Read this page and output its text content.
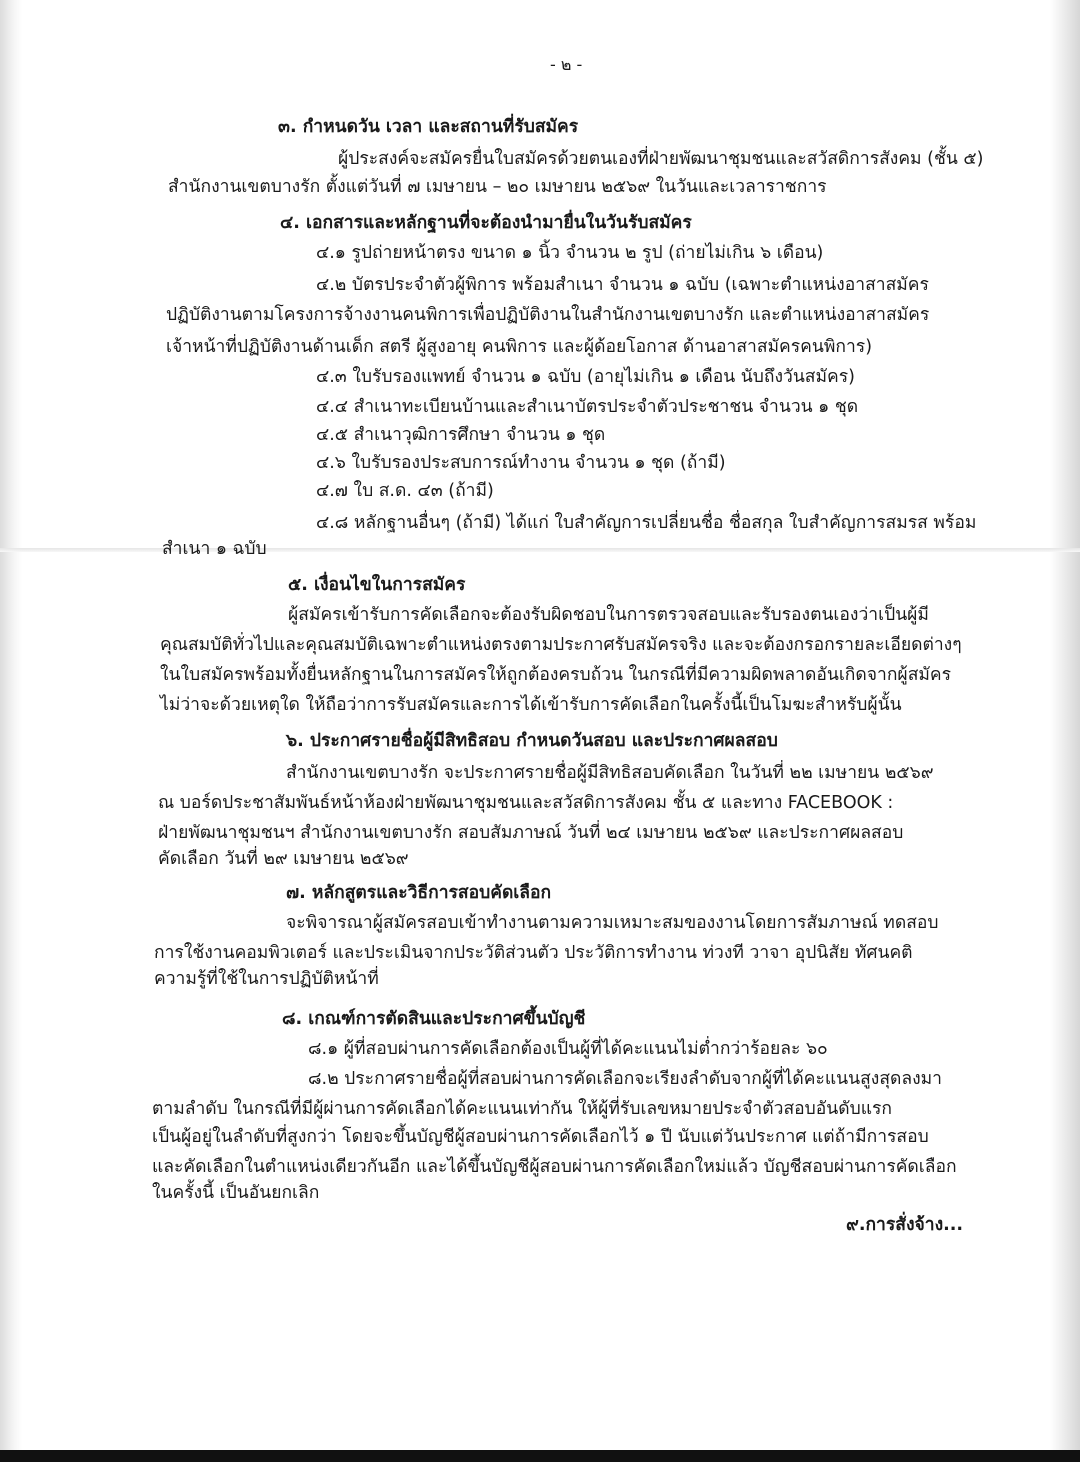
- ๒ -
๓. กำหนดวัน เวลา และสถานที่รับสมัคร
ผู้ประสงค์จะสมัครยื่นใบสมัครด้วยตนเองที่ฝ่ายพัฒนาชุมชนและสวัสดิการสังคม (ชั้น ๕)
สำนักงานเขตบางรัก ตั้งแต่วันที่ ๗ เมษายน – ๒๐ เมษายน ๒๕๖๙ ในวันและเวลาราชการ
๔. เอกสารและหลักฐานที่จะต้องนำมายื่นในวันรับสมัคร
๔.๑ รูปถ่ายหน้าตรง ขนาด ๑ นิ้ว จำนวน ๒ รูป (ถ่ายไม่เกิน ๖ เดือน)
๔.๒ บัตรประจำตัวผู้พิการ พร้อมสำเนา จำนวน ๑ ฉบับ (เฉพาะตำแหน่งอาสาสมัคร
ปฏิบัติงานตามโครงการจ้างงานคนพิการเพื่อปฏิบัติงานในสำนักงานเขตบางรัก และตำแหน่งอาสาสมัคร
เจ้าหน้าที่ปฏิบัติงานด้านเด็ก สตรี ผู้สูงอายุ คนพิการ และผู้ด้อยโอกาส ด้านอาสาสมัครคนพิการ)
๔.๓ ใบรับรองแพทย์ จำนวน ๑ ฉบับ (อายุไม่เกิน ๑ เดือน นับถึงวันสมัคร)
๔.๔ สำเนาทะเบียนบ้านและสำเนาบัตรประจำตัวประชาชน จำนวน ๑ ชุด
๔.๕ สำเนาวุฒิการศึกษา จำนวน ๑ ชุด
๔.๖ ใบรับรองประสบการณ์ทำงาน จำนวน ๑ ชุด (ถ้ามี)
๔.๗ ใบ ส.ด. ๔๓ (ถ้ามี)
๔.๘ หลักฐานอื่นๆ (ถ้ามี) ได้แก่ ใบสำคัญการเปลี่ยนชื่อ ชื่อสกุล ใบสำคัญการสมรส พร้อม
สำเนา ๑ ฉบับ
๕. เงื่อนไขในการสมัคร
ผู้สมัครเข้ารับการคัดเลือกจะต้องรับผิดชอบในการตรวจสอบและรับรองตนเองว่าเป็นผู้มี
คุณสมบัติทั่วไปและคุณสมบัติเฉพาะตำแหน่งตรงตามประกาศรับสมัครจริง และจะต้องกรอกรายละเอียดต่างๆ
ในใบสมัครพร้อมทั้งยื่นหลักฐานในการสมัครให้ถูกต้องครบถ้วน ในกรณีที่มีความผิดพลาดอันเกิดจากผู้สมัคร
ไม่ว่าจะด้วยเหตุใด ให้ถือว่าการรับสมัครและการได้เข้ารับการคัดเลือกในครั้งนี้เป็นโมฆะสำหรับผู้นั้น
๖. ประกาศรายชื่อผู้มีสิทธิสอบ กำหนดวันสอบ และประกาศผลสอบ
สำนักงานเขตบางรัก จะประกาศรายชื่อผู้มีสิทธิสอบคัดเลือก ในวันที่ ๒๒ เมษายน ๒๕๖๙
ณ บอร์ดประชาสัมพันธ์หน้าห้องฝ่ายพัฒนาชุมชนและสวัสดิการสังคม ชั้น ๕ และทาง FACEBOOK :
ฝ่ายพัฒนาชุมชนฯ สำนักงานเขตบางรัก สอบสัมภาษณ์ วันที่ ๒๔ เมษายน ๒๕๖๙ และประกาศผลสอบ
คัดเลือก วันที่ ๒๙ เมษายน ๒๕๖๙
๗. หลักสูตรและวิธีการสอบคัดเลือก
จะพิจารณาผู้สมัครสอบเข้าทำงานตามความเหมาะสมของงานโดยการสัมภาษณ์ ทดสอบ
การใช้งานคอมพิวเตอร์ และประเมินจากประวัติส่วนตัว ประวัติการทำงาน ท่วงที วาจา อุปนิสัย ทัศนคติ
ความรู้ที่ใช้ในการปฏิบัติหน้าที่
๘. เกณฑ์การตัดสินและประกาศขึ้นบัญชี
๘.๑ ผู้ที่สอบผ่านการคัดเลือกต้องเป็นผู้ที่ได้คะแนนไม่ต่ำกว่าร้อยละ ๖๐
๘.๒ ประกาศรายชื่อผู้ที่สอบผ่านการคัดเลือกจะเรียงลำดับจากผู้ที่ได้คะแนนสูงสุดลงมา
ตามลำดับ ในกรณีที่มีผู้ผ่านการคัดเลือกได้คะแนนเท่ากัน ให้ผู้ที่รับเลขหมายประจำตัวสอบอันดับแรก
เป็นผู้อยู่ในลำดับที่สูงกว่า โดยจะขึ้นบัญชีผู้สอบผ่านการคัดเลือกไว้ ๑ ปี นับแต่วันประกาศ แต่ถ้ามีการสอบ
และคัดเลือกในตำแหน่งเดียวกันอีก และได้ขึ้นบัญชีผู้สอบผ่านการคัดเลือกใหม่แล้ว บัญชีสอบผ่านการคัดเลือก
ในครั้งนี้ เป็นอันยกเลิก
๙.การสั่งจ้าง...
